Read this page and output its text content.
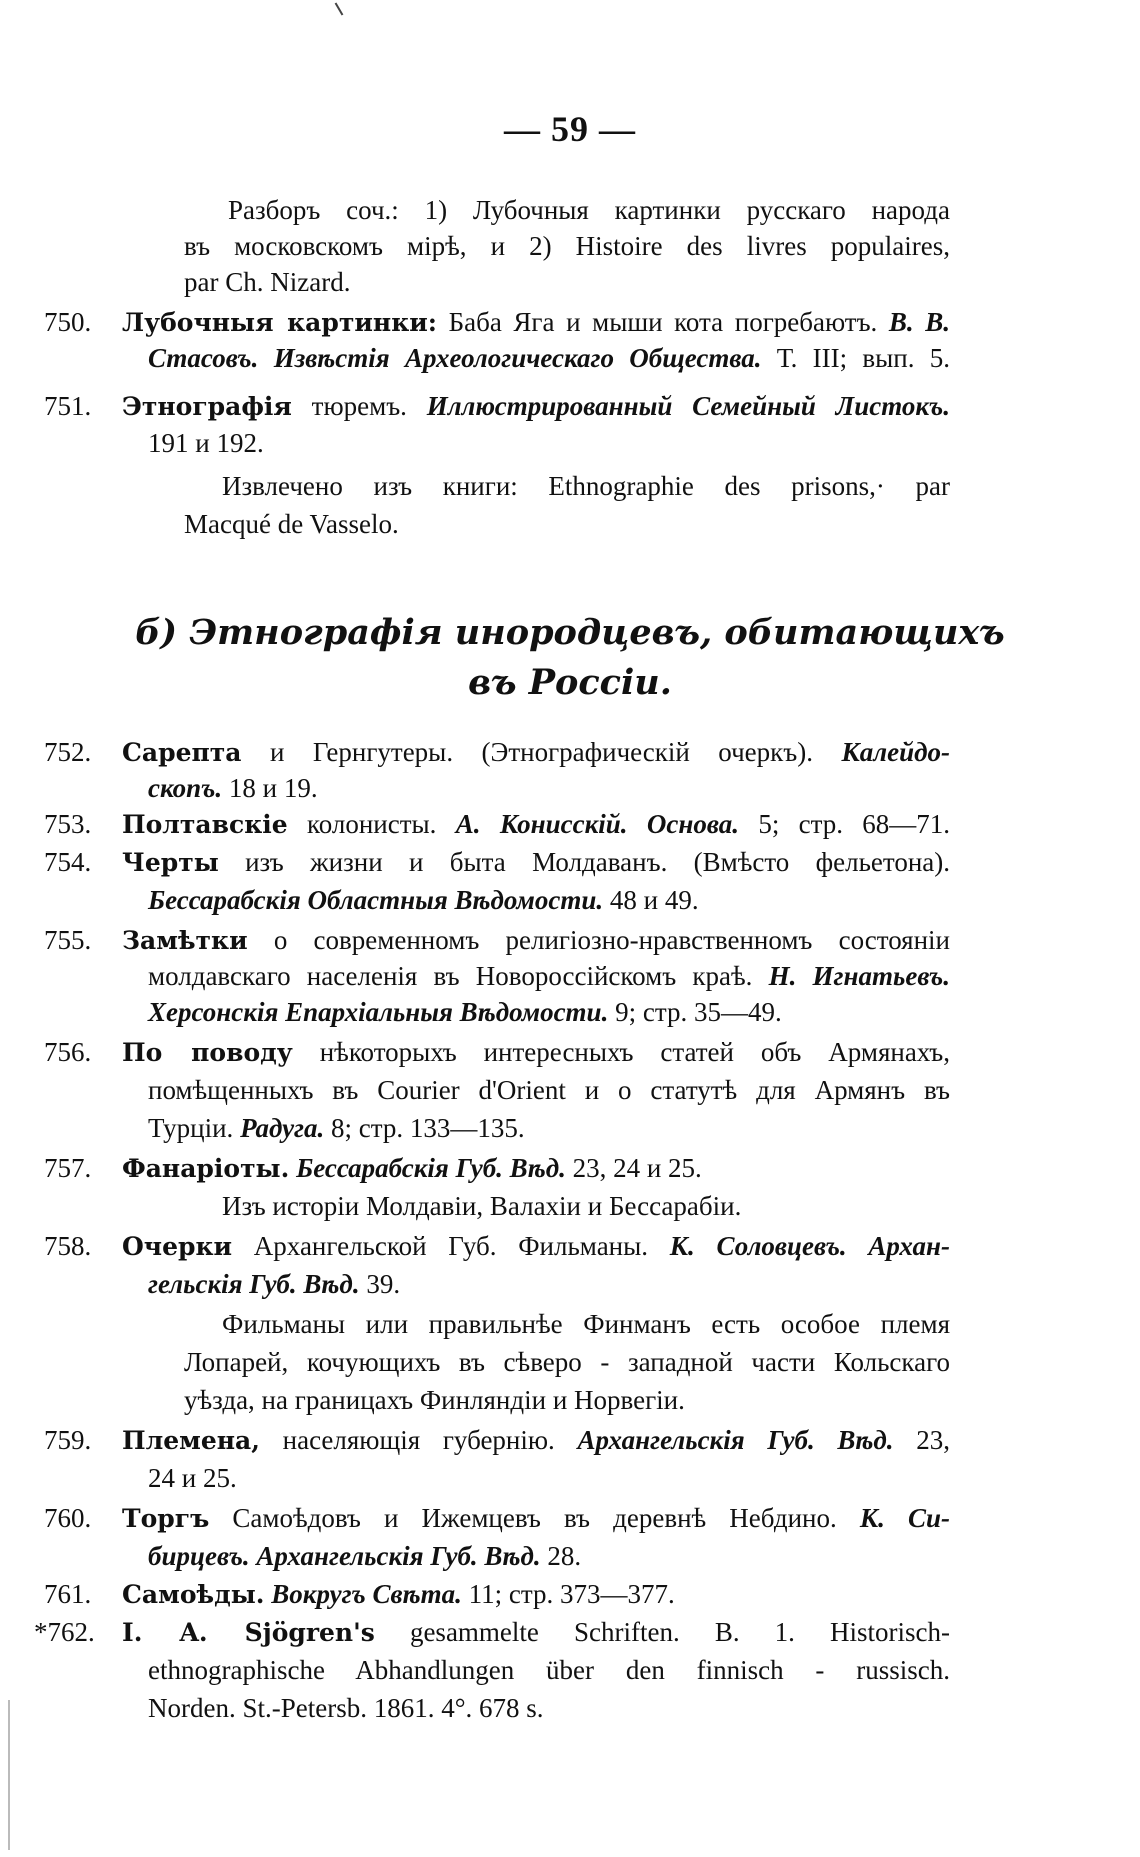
— 59 —
Разборъ соч.: 1) Лубочныя картинки русскаго народа
въ московскомъ мірѣ, и 2) Histoire des livres populaires,
par Ch. Nizard.
750. Лубочныя картинки: Баба Яга и мыши кота погребаютъ. В. В.
Стасовъ. Извѣстія Археологическаго Общества. Т. III; вып. 5.
751. Этнографія тюремъ. Иллюстрированный Семейный Листокъ.
191 и 192.
Извлечено изъ книги: Ethnographie des prisons,· par
Macqué de Vasselo.
б) Этнографія инородцевъ, обитающихъ
въ Россіи.
752. Сарепта и Гернгутеры. (Этнографическій очеркъ). Калейдо-
скопъ. 18 и 19.
753. Полтавскіе колонисты. А. Конисскій. Основа. 5; стр. 68—71.
754. Черты изъ жизни и быта Молдаванъ. (Вмѣсто фельетона).
Бессарабскія Областныя Вѣдомости. 48 и 49.
755. Замѣтки о современномъ религіозно-нравственномъ состояніи
молдавскаго населенія въ Новороссійскомъ краѣ. Н. Игнатьевъ.
Херсонскія Епархіальныя Вѣдомости. 9; стр. 35—49.
756. По поводу нѣкоторыхъ интересныхъ статей объ Армянахъ,
помѣщенныхъ въ Courier d'Orient и о статутѣ для Армянъ въ
Турціи. Радуга. 8; стр. 133—135.
757. Фанаріоты. Бессарабскія Губ. Вѣд. 23, 24 и 25.
Изъ исторіи Молдавіи, Валахіи и Бессарабіи.
758. Очерки Архангельской Губ. Фильманы. К. Соловцевъ. Архан-
гельскія Губ. Вѣд. 39.
Фильманы или правильнѣе Финманъ есть особое племя
Лопарей, кочующихъ въ сѣверо - западной части Кольскаго
уѣзда, на границахъ Финляндіи и Норвегіи.
759. Племена, населяющія губернію. Архангельскія Губ. Вѣд. 23,
24 и 25.
760. Торгъ Самоѣдовъ и Ижемцевъ въ деревнѣ Небдино. К. Си-
бирцевъ. Архангельскія Губ. Вѣд. 28.
761. Самоѣды. Вокругъ Свѣта. 11; стр. 373—377.
*762. I. A. Sjögren's gesammelte Schriften. B. 1. Historisch-
ethnographische Abhandlungen über den finnisch - russisch.
Norden. St.-Petersb. 1861. 4°. 678 s.
